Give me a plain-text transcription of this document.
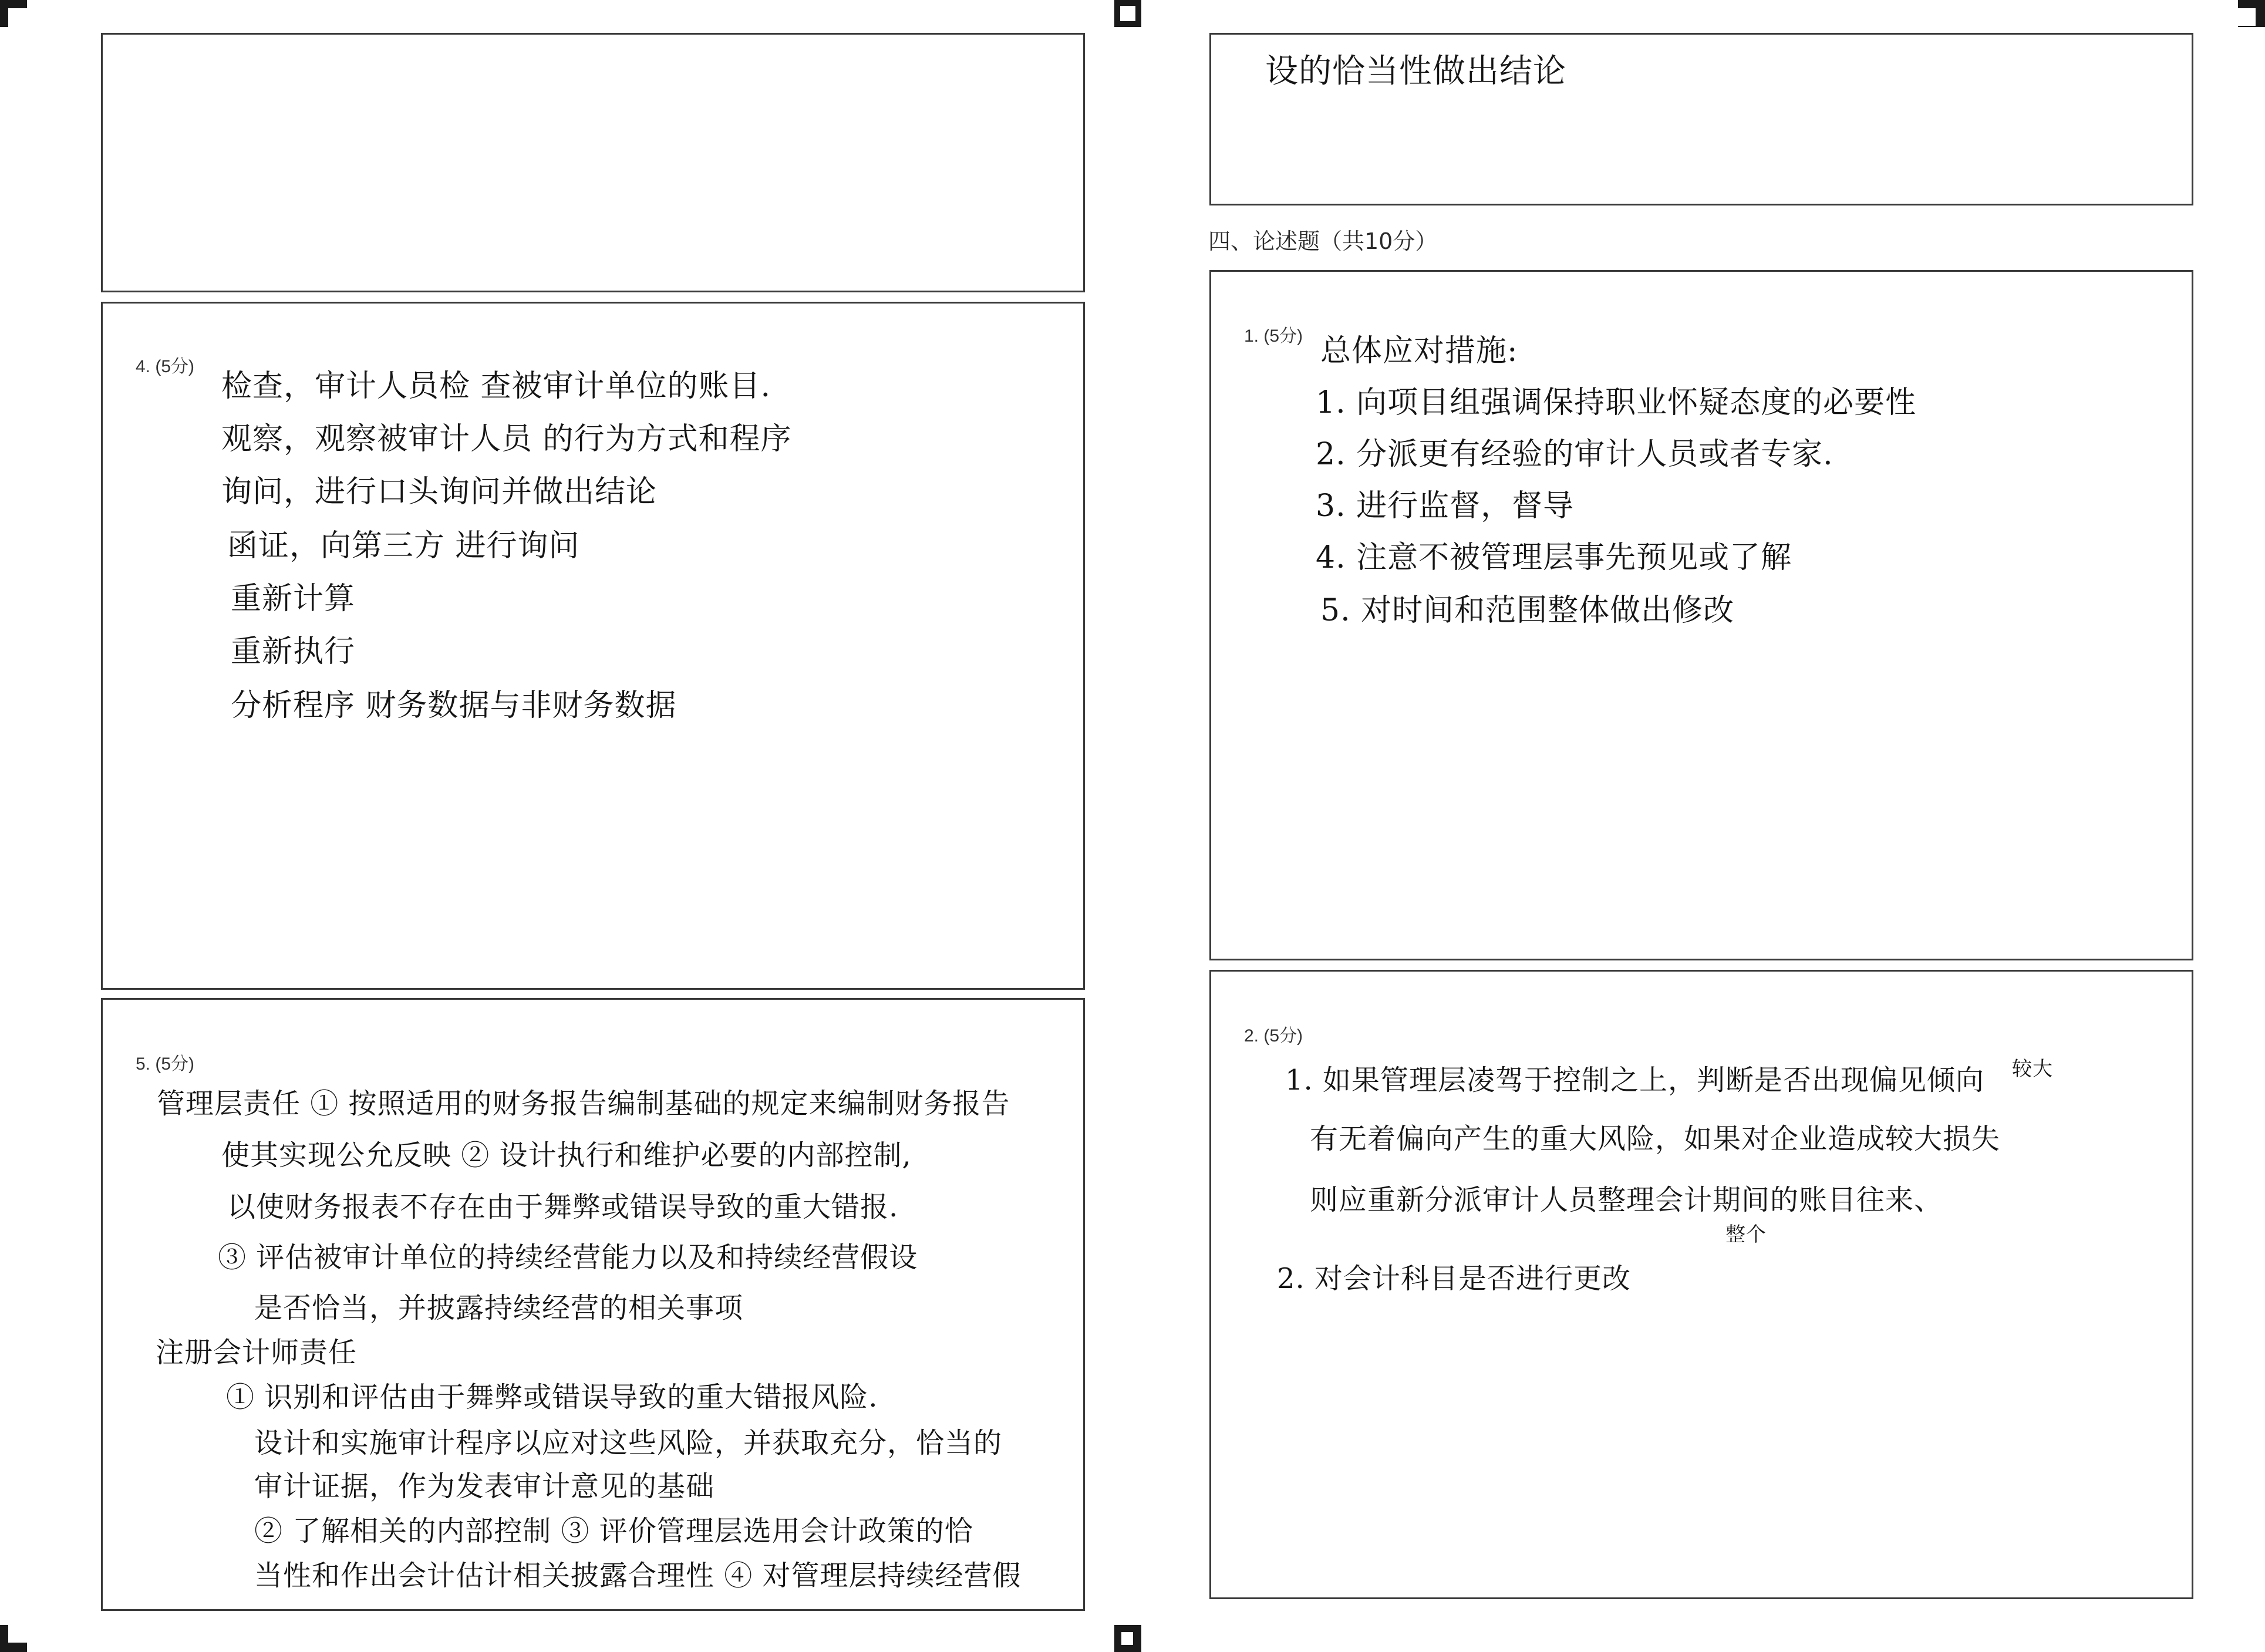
4. (5分)
检查，审计人员检 查被审计单位的账目.
观察，观察被审计人员 的行为方式和程序
询问，进行口头询问并做出结论
函证，向第三方 进行询问
重新计算
重新执行
分析程序 财务数据与非财务数据
5. (5分)
管理层责任 ① 按照适用的财务报告编制基础的规定来编制财务报告
使其实现公允反映 ② 设计执行和维护必要的内部控制,
以使财务报表不存在由于舞弊或错误导致的重大错报.
③ 评估被审计单位的持续经营能力以及和持续经营假设
是否恰当，并披露持续经营的相关事项
注册会计师责任
① 识别和评估由于舞弊或错误导致的重大错报风险.
设计和实施审计程序以应对这些风险，并获取充分，恰当的
审计证据，作为发表审计意见的基础
② 了解相关的内部控制 ③ 评价管理层选用会计政策的恰
当性和作出会计估计相关披露合理性 ④ 对管理层持续经营假
设的恰当性做出结论
四、论述题（共10分）
1. (5分) 总体应对措施:
1. 向项目组强调保持职业怀疑态度的必要性
2. 分派更有经验的审计人员或者专家.
3. 进行监督，督导
4. 注意不被管理层事先预见或了解
5. 对时间和范围整体做出修改
2. (5分)
1. 如果管理层凌驾于控制之上，判断是否出现偏见倾向 较大
有无着偏向产生的重大风险，如果对企业造成较大损失
则应重新分派审计人员整理会计期间的账目往来、
整个
2. 对会计科目是否进行更改
